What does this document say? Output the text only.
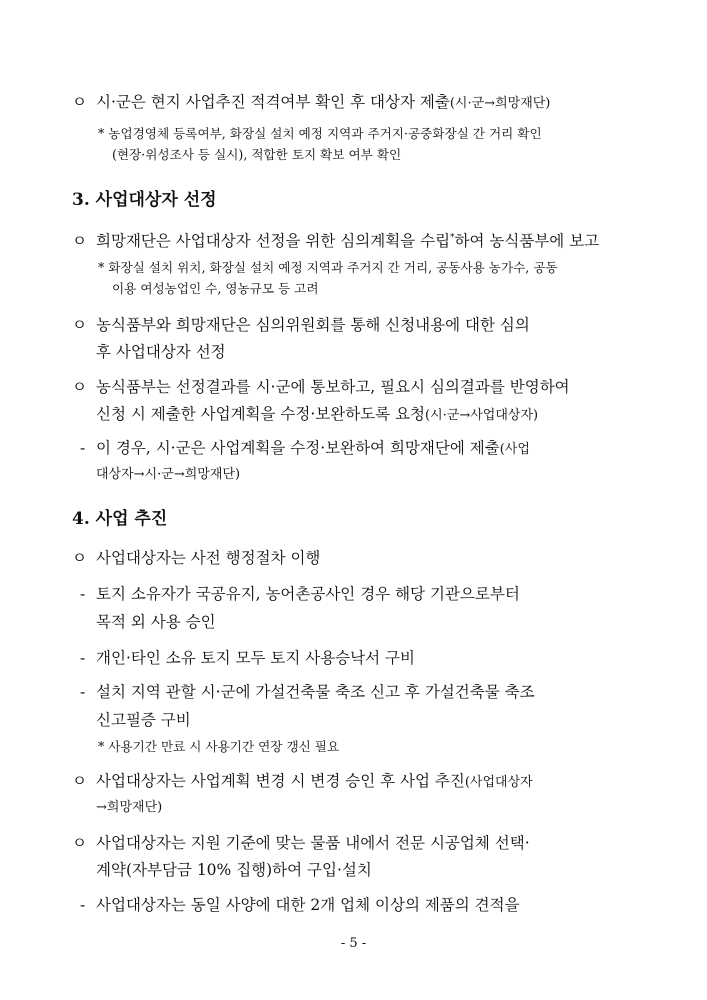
ㅇ 시·군은 현지 사업추진 적격여부 확인 후 대상자 제출(시·군→희망재단)
* 농업경영체 등록여부, 화장실 설치 예정 지역과 주거지·공중화장실 간 거리 확인
(현장·위성조사 등 실시), 적합한 토지 확보 여부 확인
3. 사업대상자 선정
ㅇ 희망재단은 사업대상자 선정을 위한 심의계획을 수립*하여 농식품부에 보고
* 화장실 설치 위치, 화장실 설치 예정 지역과 주거지 간 거리, 공동사용 농가수, 공동
이용 여성농업인 수, 영농규모 등 고려
ㅇ 농식품부와 희망재단은 심의위원회를 통해 신청내용에 대한 심의
후 사업대상자 선정
ㅇ 농식품부는 선정결과를 시·군에 통보하고, 필요시 심의결과를 반영하여
신청 시 제출한 사업계획을 수정·보완하도록 요청(시·군→사업대상자)
- 이 경우, 시·군은 사업계획을 수정·보완하여 희망재단에 제출(사업
대상자→시·군→희망재단)
4. 사업 추진
ㅇ 사업대상자는 사전 행정절차 이행
- 토지 소유자가 국공유지, 농어촌공사인 경우 해당 기관으로부터
목적 외 사용 승인
- 개인·타인 소유 토지 모두 토지 사용승낙서 구비
- 설치 지역 관할 시·군에 가설건축물 축조 신고 후 가설건축물 축조
신고필증 구비
* 사용기간 만료 시 사용기간 연장 갱신 필요
ㅇ 사업대상자는 사업계획 변경 시 변경 승인 후 사업 추진(사업대상자
→희망재단)
ㅇ 사업대상자는 지원 기준에 맞는 물품 내에서 전문 시공업체 선택·
계약(자부담금 10% 집행)하여 구입·설치
- 사업대상자는 동일 사양에 대한 2개 업체 이상의 제품의 견적을
- 5 -
